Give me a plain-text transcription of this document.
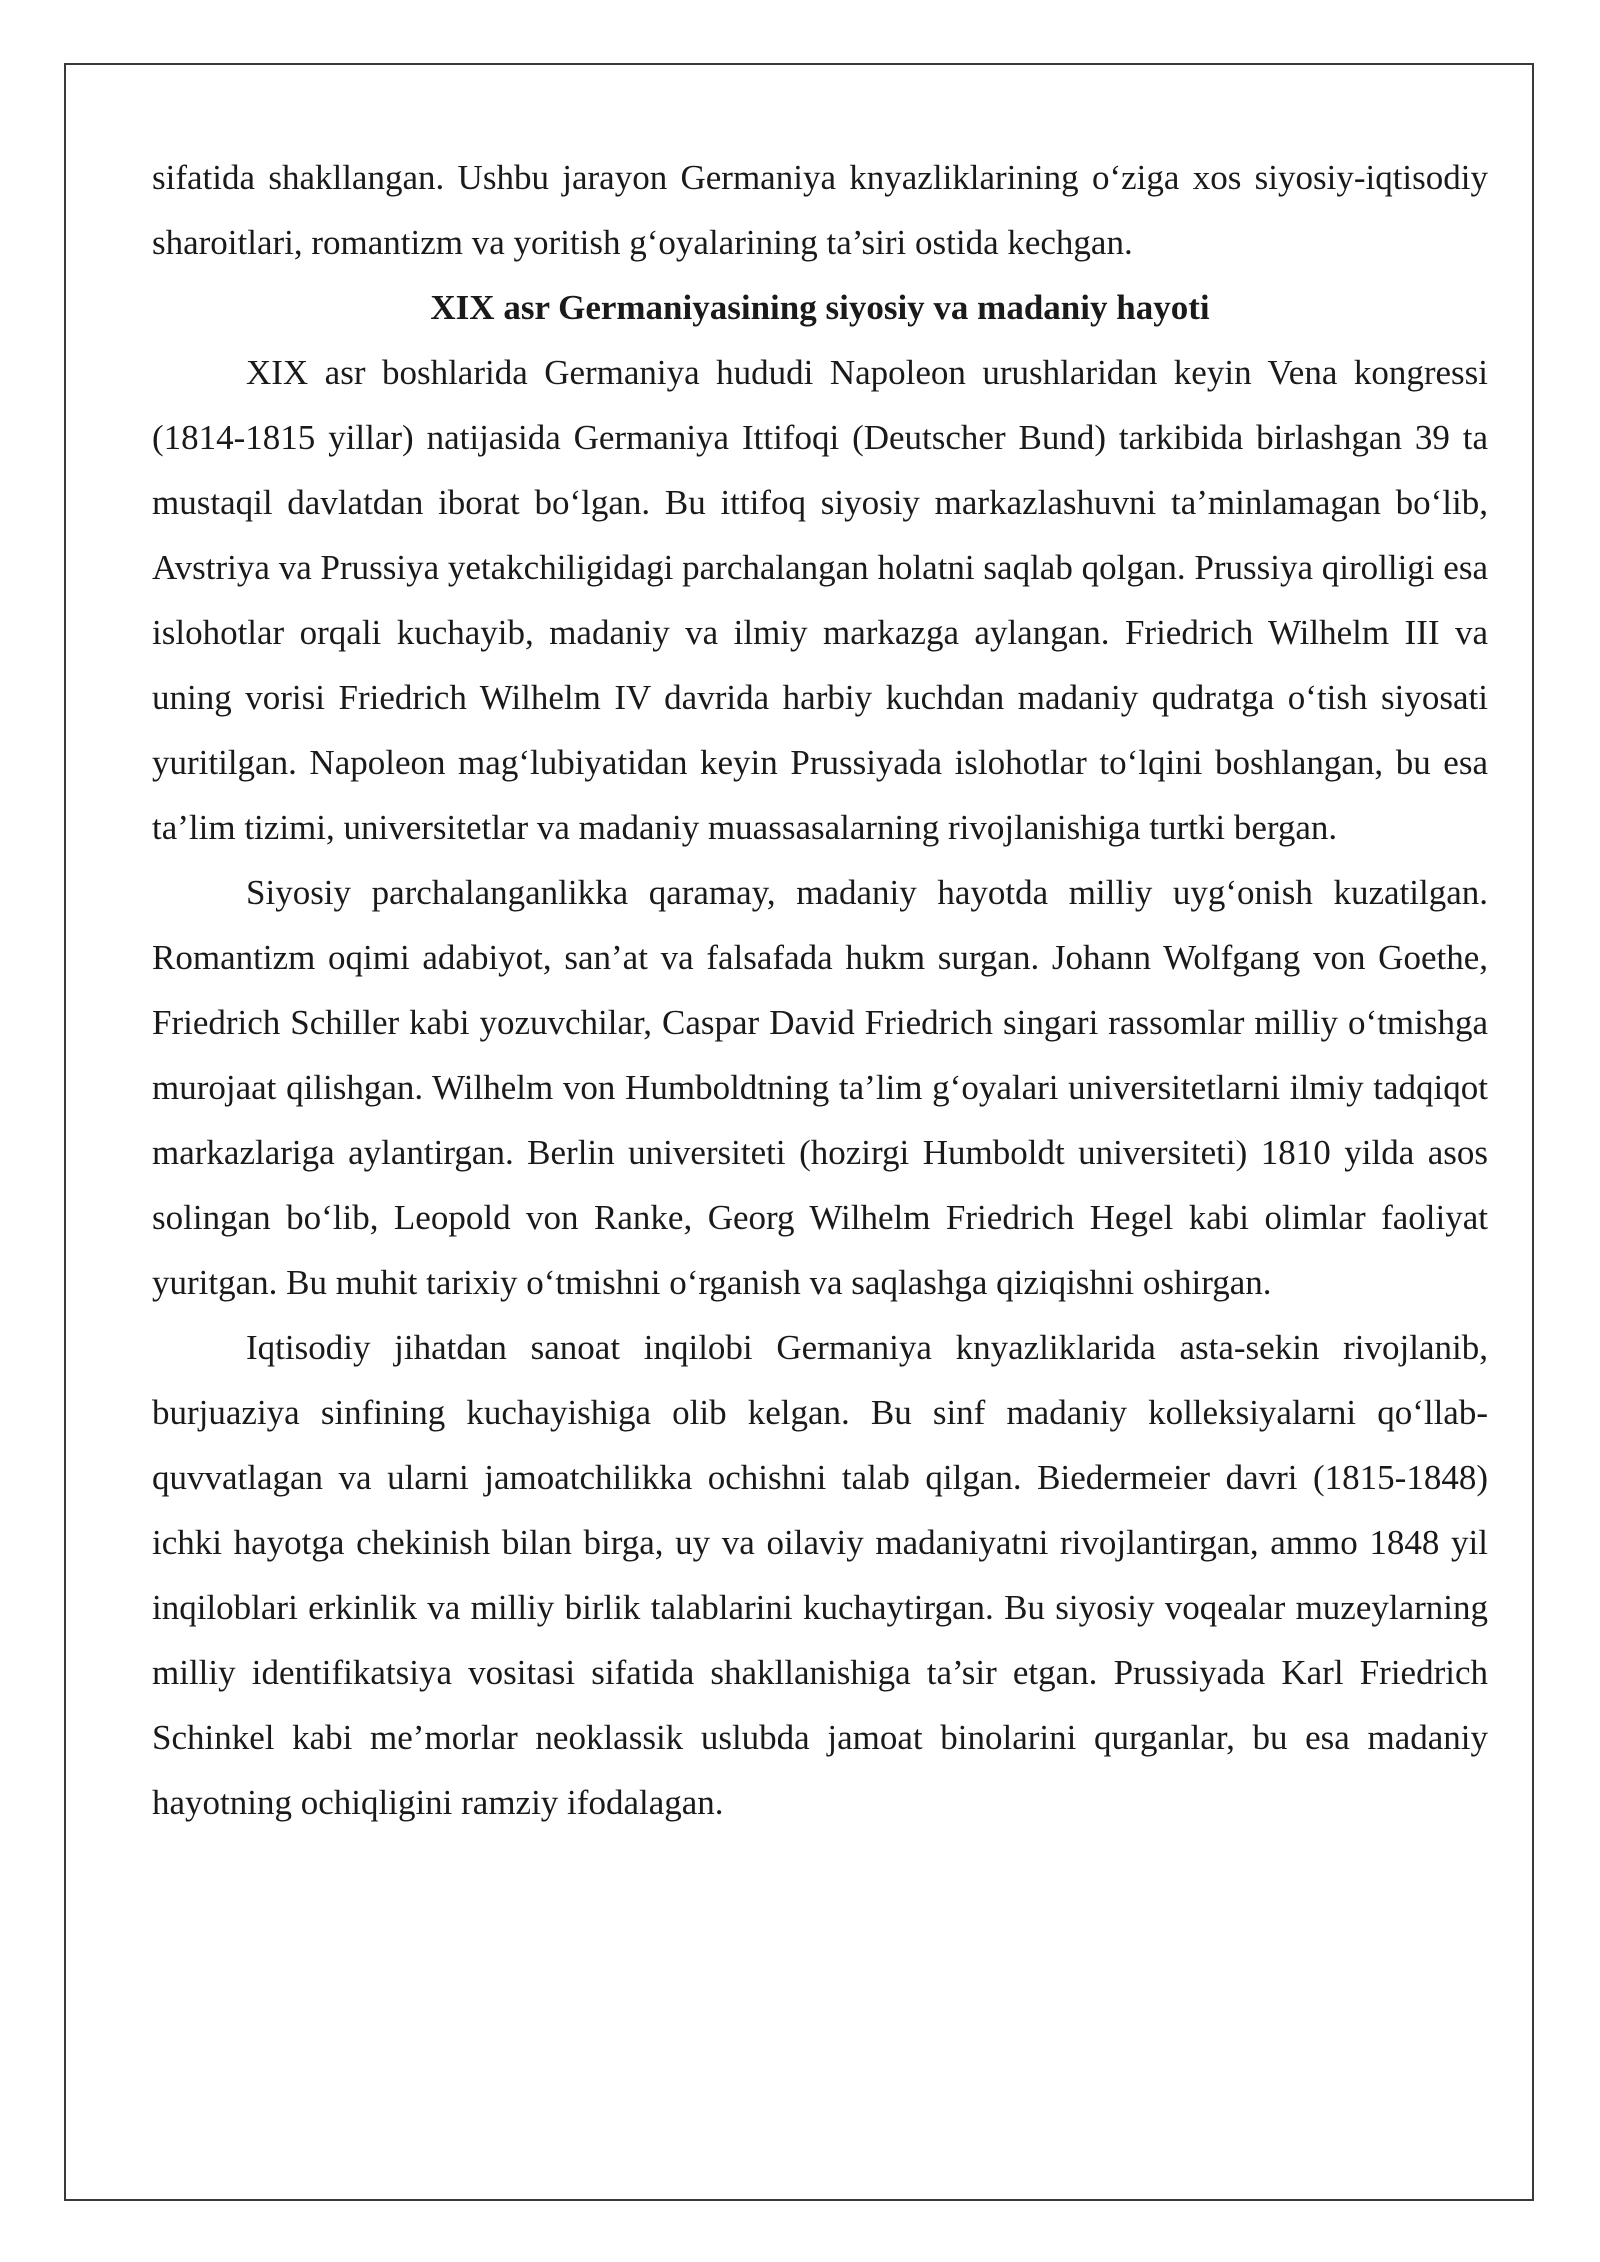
sifatida shakllangan. Ushbu jarayon Germaniya knyazliklarining o‘ziga xos siyosiy-iqtisodiy sharoitlari, romantizm va yoritish g‘oyalarining ta’siri ostida kechgan.

XIX asr Germaniyasining siyosiy va madaniy hayoti

XIX asr boshlarida Germaniya hududi Napoleon urushlaridan keyin Vena kongressi (1814-1815 yillar) natijasida Germaniya Ittifoqi (Deutscher Bund) tarkibida birlashgan 39 ta mustaqil davlatdan iborat bo‘lgan. Bu ittifoq siyosiy markazlashuvni ta’minlamagan bo‘lib, Avstriya va Prussiya yetakchiligidagi parchalangan holatni saqlab qolgan. Prussiya qirolligi esa islohotlar orqali kuchayib, madaniy va ilmiy markazga aylangan. Friedrich Wilhelm III va uning vorisi Friedrich Wilhelm IV davrida harbiy kuchdan madaniy qudratga o‘tish siyosati yuritilgan. Napoleon mag‘lubiyatidan keyin Prussiyada islohotlar to‘lqini boshlangan, bu esa ta’lim tizimi, universitetlar va madaniy muassasalarning rivojlanishiga turtki bergan.

Siyosiy parchalanganlikka qaramay, madaniy hayotda milliy uyg‘onish kuzatilgan. Romantizm oqimi adabiyot, san’at va falsafada hukm surgan. Johann Wolfgang von Goethe, Friedrich Schiller kabi yozuvchilar, Caspar David Friedrich singari rassomlar milliy o‘tmishga murojaat qilishgan. Wilhelm von Humboldtning ta’lim g‘oyalari universitetlarni ilmiy tadqiqot markazlariga aylantirgan. Berlin universiteti (hozirgi Humboldt universiteti) 1810 yilda asos solingan bo‘lib, Leopold von Ranke, Georg Wilhelm Friedrich Hegel kabi olimlar faoliyat yuritgan. Bu muhit tarixiy o‘tmishni o‘rganish va saqlashga qiziqishni oshirgan.

Iqtisodiy jihatdan sanoat inqilobi Germaniya knyazliklarida asta-sekin rivojlanib, burjuaziya sinfining kuchayishiga olib kelgan. Bu sinf madaniy kolleksiyalarni qo‘llab-quvvatlagan va ularni jamoatchilikka ochishni talab qilgan. Biedermeier davri (1815-1848) ichki hayotga chekinish bilan birga, uy va oilaviy madaniyatni rivojlantirgan, ammo 1848 yil inqiloblari erkinlik va milliy birlik talablarini kuchaytirgan. Bu siyosiy voqealar muzeylarning milliy identifikatsiya vositasi sifatida shakllanishiga ta’sir etgan. Prussiyada Karl Friedrich Schinkel kabi me’morlar neoklassik uslubda jamoat binolarini qurganlar, bu esa madaniy hayotning ochiqligini ramziy ifodalagan.
